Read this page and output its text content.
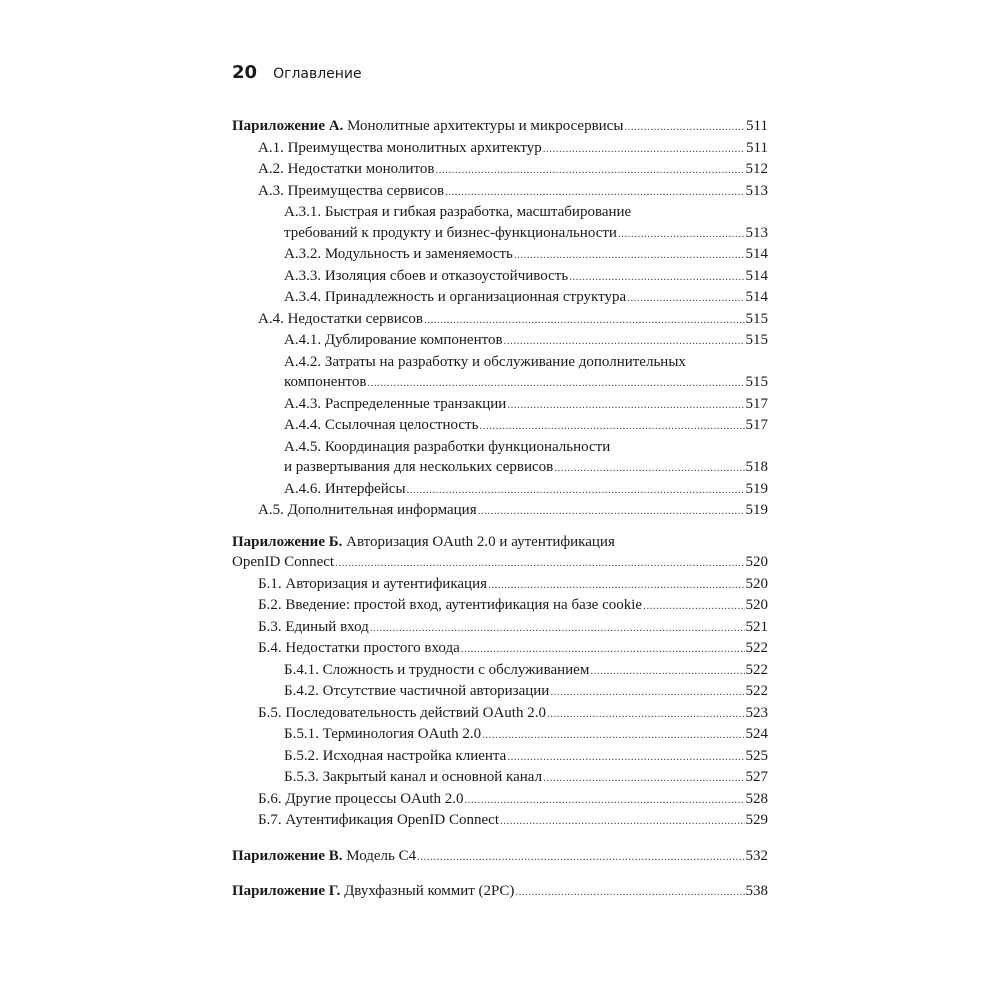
20 Оглавление
Париложение А. Монолитные архитектуры и микросервисы .....	511
А.1. Преимущества монолитных архитектур .....	511
А.2. Недостатки монолитов .....	512
А.3. Преимущества сервисов .....	513
А.3.1. Быстрая и гибкая разработка, масштабирование
требований к продукту и бизнес-функциональности .....	513
А.3.2. Модульность и заменяемость .....	514
А.3.3. Изоляция сбоев и отказоустойчивость .....	514
А.3.4. Принадлежность и организационная структура .....	514
А.4. Недостатки сервисов .....	515
А.4.1. Дублирование компонентов .....	515
А.4.2. Затраты на разработку и обслуживание дополнительных
компонентов .....	515
А.4.3. Распределенные транзакции .....	517
А.4.4. Ссылочная целостность .....	517
А.4.5. Координация разработки функциональности
и развертывания для нескольких сервисов .....	518
А.4.6. Интерфейсы .....	519
А.5. Дополнительная информация .....	519
Париложение Б. Авторизация OAuth 2.0 и аутентификация
OpenID Connect .....	520
Б.1. Авторизация и аутентификация .....	520
Б.2. Введение: простой вход, аутентификация на базе cookie .....	520
Б.3. Единый вход .....	521
Б.4. Недостатки простого входа .....	522
Б.4.1. Сложность и трудности с обслуживанием .....	522
Б.4.2. Отсутствие частичной авторизации .....	522
Б.5. Последовательность действий OAuth 2.0 .....	523
Б.5.1. Терминология OAuth 2.0 .....	524
Б.5.2. Исходная настройка клиента .....	525
Б.5.3. Закрытый канал и основной канал .....	527
Б.6. Другие процессы OAuth 2.0 .....	528
Б.7. Аутентификация OpenID Connect .....	529
Париложение В. Модель C4 .....	532
Париложение Г. Двухфазный коммит (2PC) .....	538
